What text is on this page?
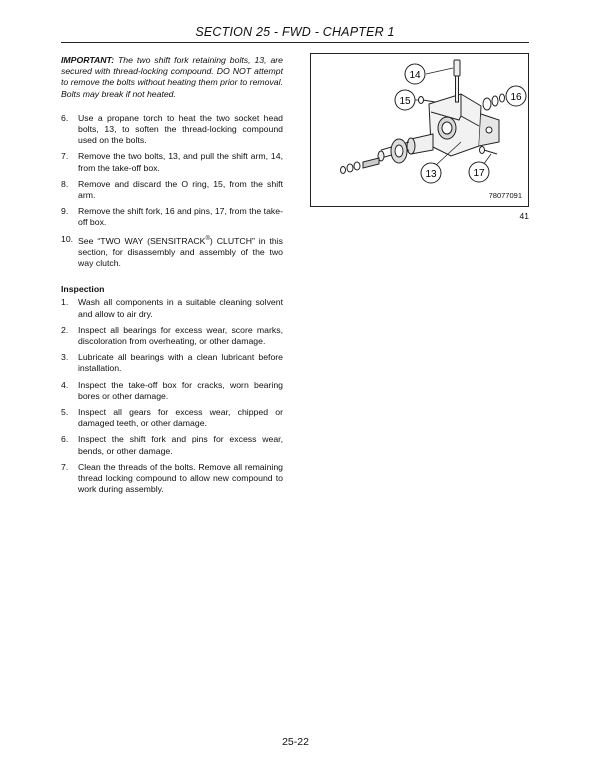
SECTION 25 - FWD - CHAPTER 1

IMPORTANT: The two shift fork retaining bolts, 13, are secured with thread-locking compound. DO NOT attempt to remove the bolts without heating them prior to removal. Bolts may break if not heated.

6.	Use a propane torch to heat the two socket head bolts, 13, to soften the thread-locking compound used on the bolts.
7.	Remove the two bolts, 13, and pull the shift arm, 14, from the take-off box.
8.	Remove and discard the O ring, 15, from the shift arm.
9.	Remove the shift fork, 16 and pins, 17, from the take-off box.
10. See “TWO WAY (SENSITRACK®) CLUTCH” in this section, for disassembly and assembly of the two way clutch.
Inspection
1.	Wash all components in a suitable cleaning solvent and allow to air dry.
2.	Inspect all bearings for excess wear, score marks, discoloration from overheating, or other damage.
3.	Lubricate all bearings with a clean lubricant before installation.
4.	Inspect the take-off box for cracks, worn bearing bores or other damage.
5.	Inspect all gears for excess wear, chipped or damaged teeth, or other damage.
6.	Inspect the shift fork and pins for excess wear, bends, or other damage.
7.	Clean the threads of the bolts. Remove all remaining thread locking compound to allow new compound to work during assembly.
14
15	16
13	17
78077091
41
25-22
